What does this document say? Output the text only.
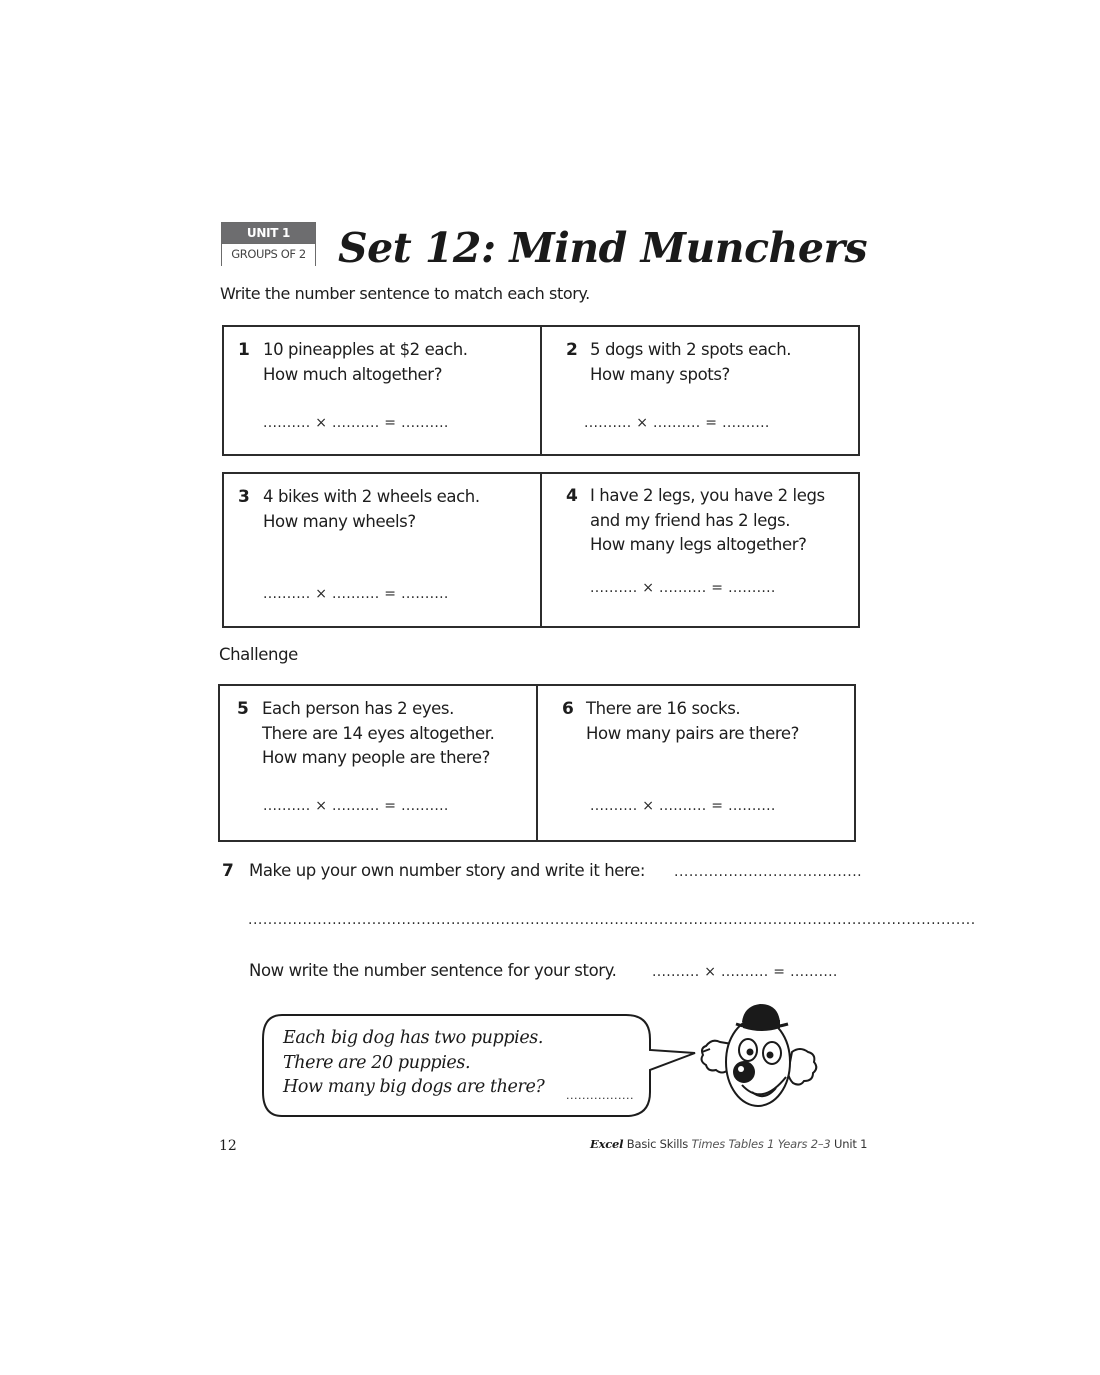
UNIT 1
GROUPS OF 2 Set 12: Mind Munchers
Write the number sentence to match each story.
1 10 pineapples at $2 each.
How much altogether?
.......... × .......... = ..........
2 5 dogs with 2 spots each.
How many spots?
.......... × .......... = ..........
3 4 bikes with 2 wheels each.
How many wheels?
.......... × .......... = ..........
4 I have 2 legs, you have 2 legs
and my friend has 2 legs.
How many legs altogether?
.......... × .......... = ..........
Challenge
5 Each person has 2 eyes.
There are 14 eyes altogether.
How many people are there?
.......... × .......... = ..........
6 There are 16 socks.
How many pairs are there?
.......... × .......... = ..........
7 Make up your own number story and write it here: ......................................
...................................................................................................................................................
Now write the number sentence for your story.	.......... × .......... = ..........
Each big dog has two puppies.
There are 20 puppies.
How many big dogs are there? .................
12	Excel Basic Skills Times Tables 1 Years 2–3 Unit 1
